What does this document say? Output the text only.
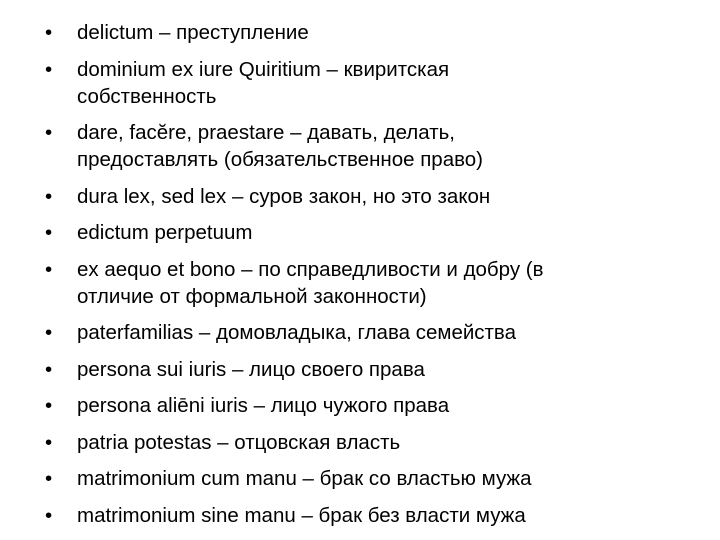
•	delictum – преступление
•	dominium ex iure Quiritium – квиритская
собственность
•	dare, facĕre, praestare – давать, делать,
предоставлять (обязательственное право)
•	dura lex, sed lex – суров закон, но это закон
•	edictum perpetuum
•	ex aequo et bono – по справедливости и добру (в
отличие от формальной законности)
•	paterfamilias – домовладыка, глава семейства
•	persona sui iuris – лицо своего права
•	persona aliēni iuris – лицо чужого права
•	patria potestas – отцовская власть
•	matrimonium cum manu – брак со властью мужа
•	matrimonium sine manu – брак без власти мужа
